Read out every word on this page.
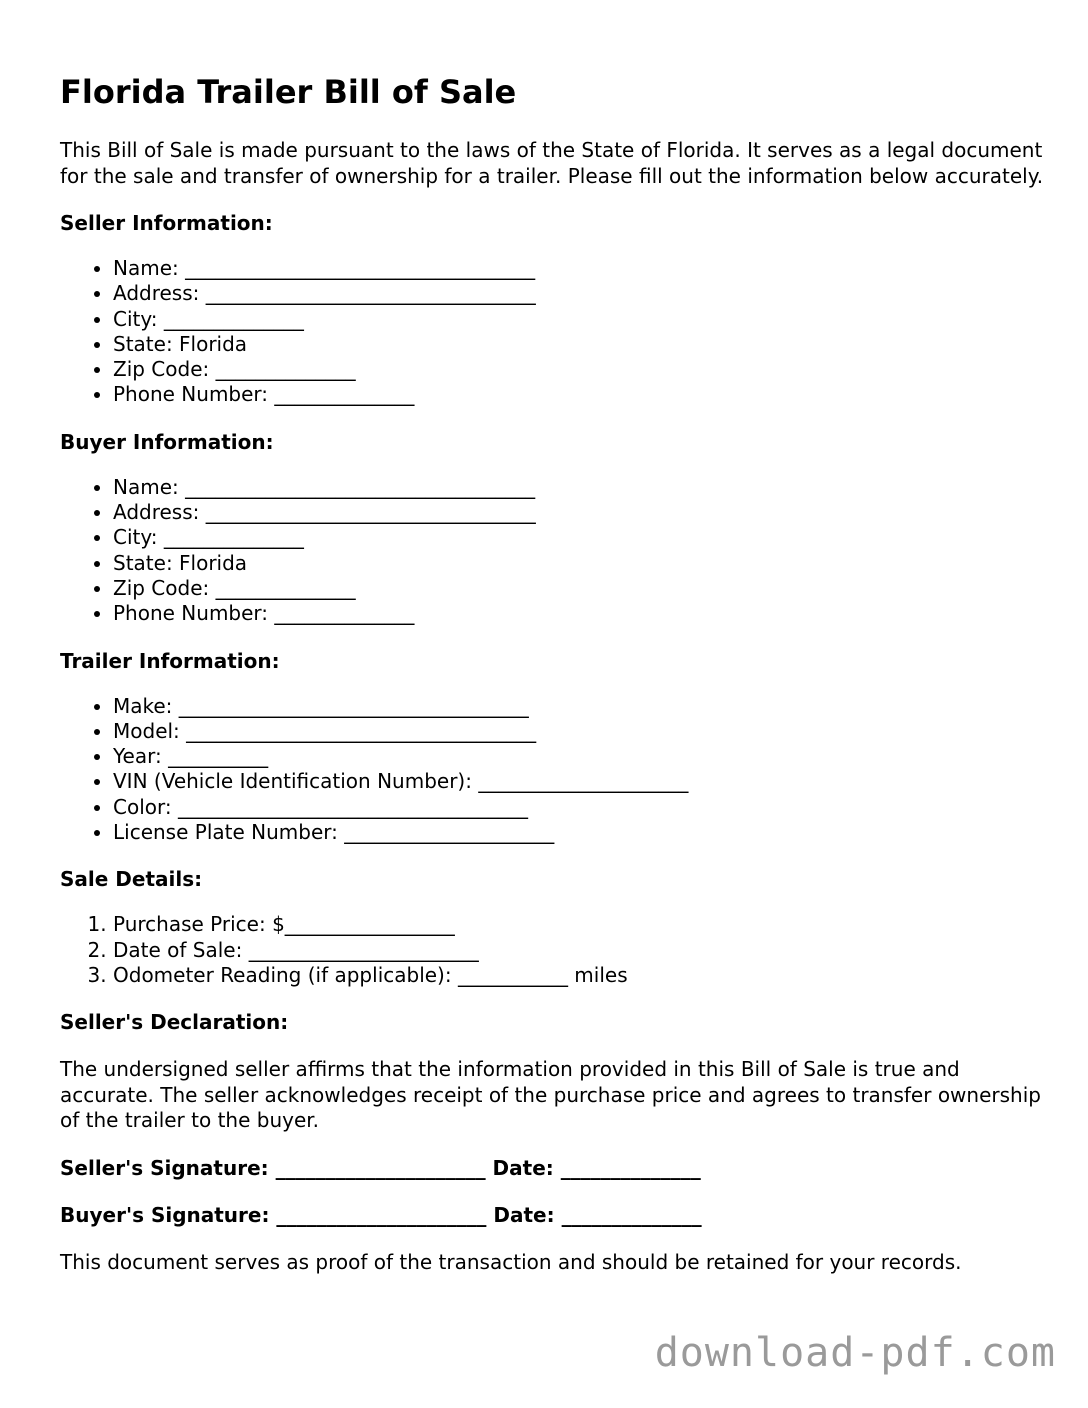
Florida Trailer Bill of Sale

This Bill of Sale is made pursuant to the laws of the State of Florida. It serves as a legal document for the sale and transfer of ownership for a trailer. Please fill out the information below accurately.

Seller Information:
• Name: ___________________________________
• Address: _________________________________
• City: ______________
• State: Florida
• Zip Code: ______________
• Phone Number: ______________
Buyer Information:
• Name: ___________________________________
• Address: _________________________________
• City: ______________
• State: Florida
• Zip Code: ______________
• Phone Number: ______________
Trailer Information:
• Make: ___________________________________
• Model: ___________________________________
• Year: __________
• VIN (Vehicle Identification Number): _____________________
• Color: ___________________________________
• License Plate Number: _____________________
Sale Details:
1. Purchase Price: $_________________
2. Date of Sale: _______________________
3. Odometer Reading (if applicable): ___________ miles
Seller's Declaration:

The undersigned seller affirms that the information provided in this Bill of Sale is true and accurate. The seller acknowledges receipt of the purchase price and agrees to transfer ownership of the trailer to the buyer.

Seller's Signature: _____________________ Date: ______________

Buyer's Signature: _____________________ Date: ______________

This document serves as proof of the transaction and should be retained for your records.

download-pdf.com
